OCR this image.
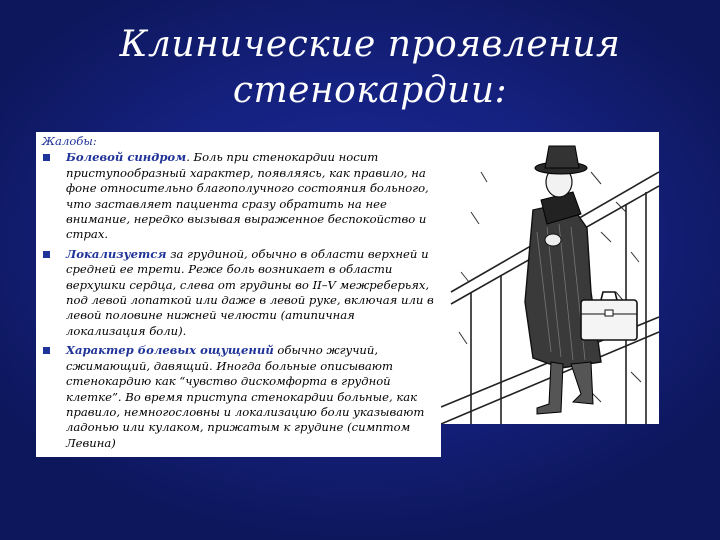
Клинические проявления
стенокардии:
Жалобы:
Болевой синдром. Боль при стенокардии носит приступообразный характер, появляясь, как правило, на фоне относительно благополучного состояния больного, что заставляет пациента сразу обратить на нее внимание, нередко вызывая выраженное беспокойство и страх.
Локализуется за грудиной, обычно в области верхней и средней ее трети. Реже боль возникает в области верхушки сердца, слева от грудины во II–V межреберьях, под левой лопаткой или даже в левой руке, включая или в левой половине нижней челюсти (атипичная локализация боли).
Характер болевых ощущений обычно жгучий, сжимающий, давящий. Иногда больные описывают стенокардию как “чувство дискомфорта в грудной клетке”. Во время приступа стенокардии больные, как правило, немногословны и локализацию боли указывают ладонью или кулаком, прижатым к грудине (симптом Левина)
